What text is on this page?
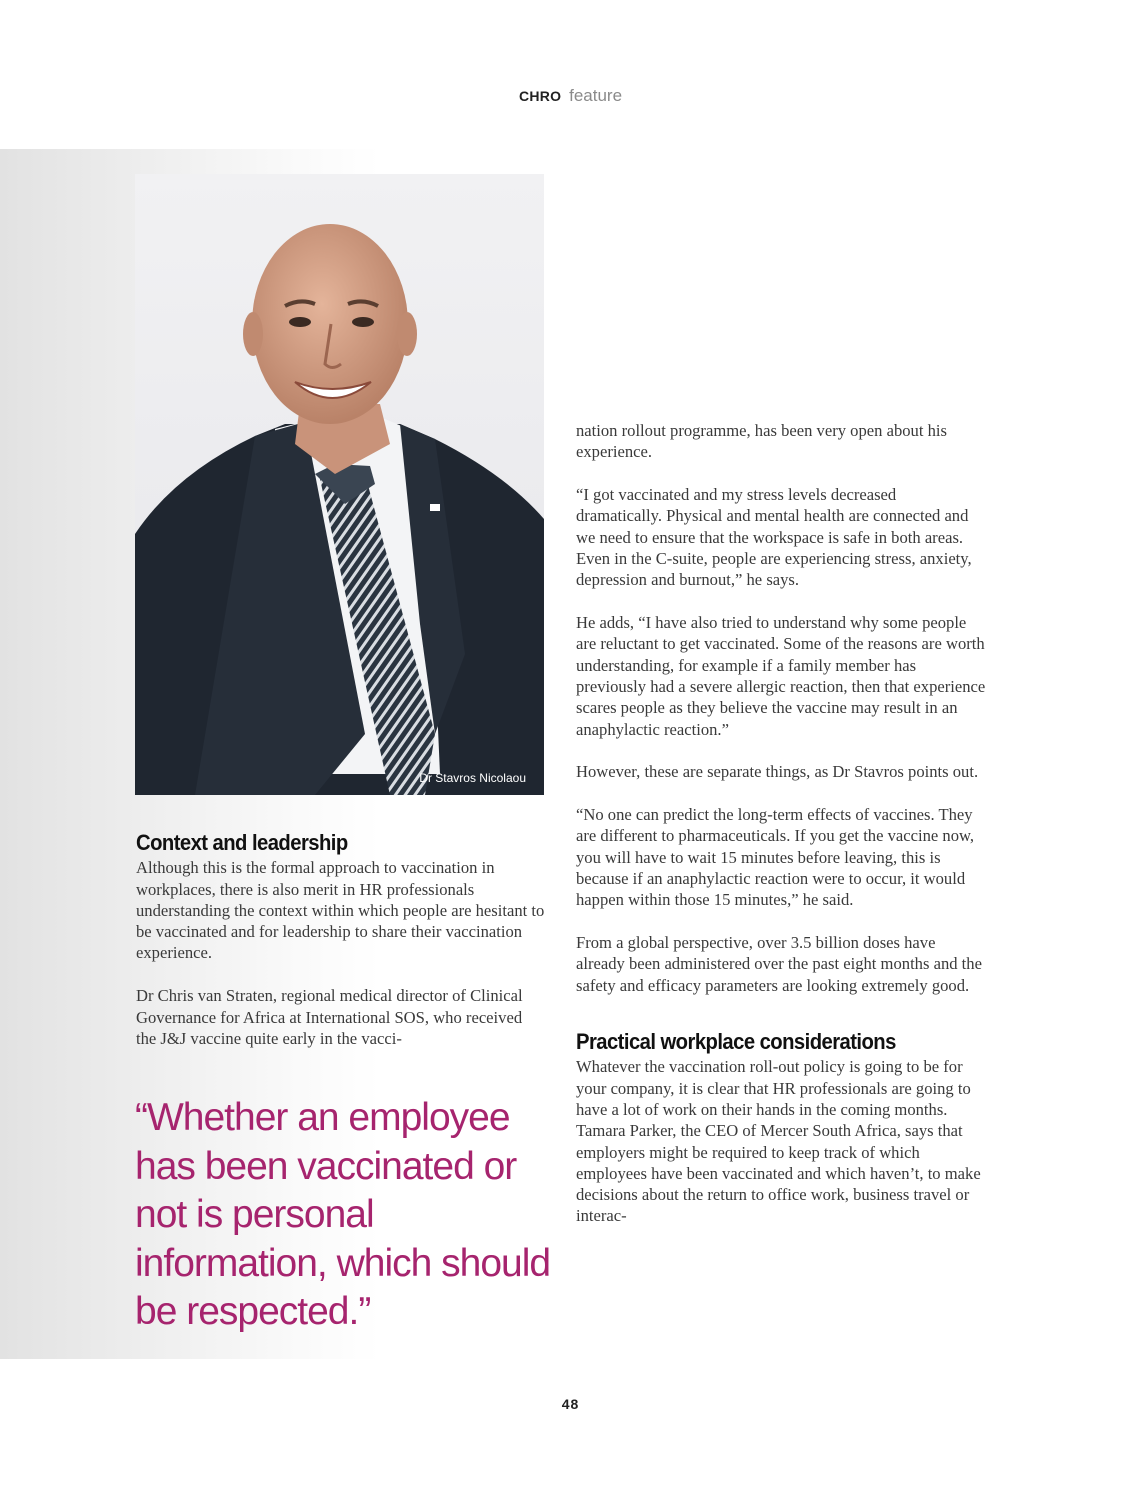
CHRO feature
Dr Stavros Nicolaou
Context and leadership

Although this is the formal approach to vaccination in workplaces, there is also merit in HR professionals understanding the context within which people are hesitant to be vaccinated and for leadership to share their vaccination experience.

Dr Chris van Straten, regional medical director of Clinical Governance for Africa at International SOS, who received the J&J vaccine quite early in the vacci-

“Whether an employee has been vaccinated or not is personal information, which should be respected.”

nation rollout programme, has been very open about his experience.

“I got vaccinated and my stress levels decreased dramatically. Physical and mental health are connected and we need to ensure that the workspace is safe in both areas. Even in the C-suite, people are experiencing stress, anxiety, depression and burnout,” he says.

He adds, “I have also tried to understand why some people are reluctant to get vaccinated. Some of the reasons are worth understanding, for example if a family member has previously had a severe allergic reaction, then that experience scares people as they believe the vaccine may result in an anaphylactic reaction.”

However, these are separate things, as Dr Stavros points out.

“No one can predict the long-term effects of vaccines. They are different to pharmaceuticals. If you get the vaccine now, you will have to wait 15 minutes before leaving, this is because if an anaphylactic reaction were to occur, it would happen within those 15 minutes,” he said.

From a global perspective, over 3.5 billion doses have already been administered over the past eight months and the safety and efficacy parameters are looking extremely good.

Practical workplace considerations

Whatever the vaccination roll-out policy is going to be for your company, it is clear that HR professionals are going to have a lot of work on their hands in the coming months. Tamara Parker, the CEO of Mercer South Africa, says that employers might be required to keep track of which employees have been vaccinated and which haven’t, to make decisions about the return to office work, business travel or interac-

48
